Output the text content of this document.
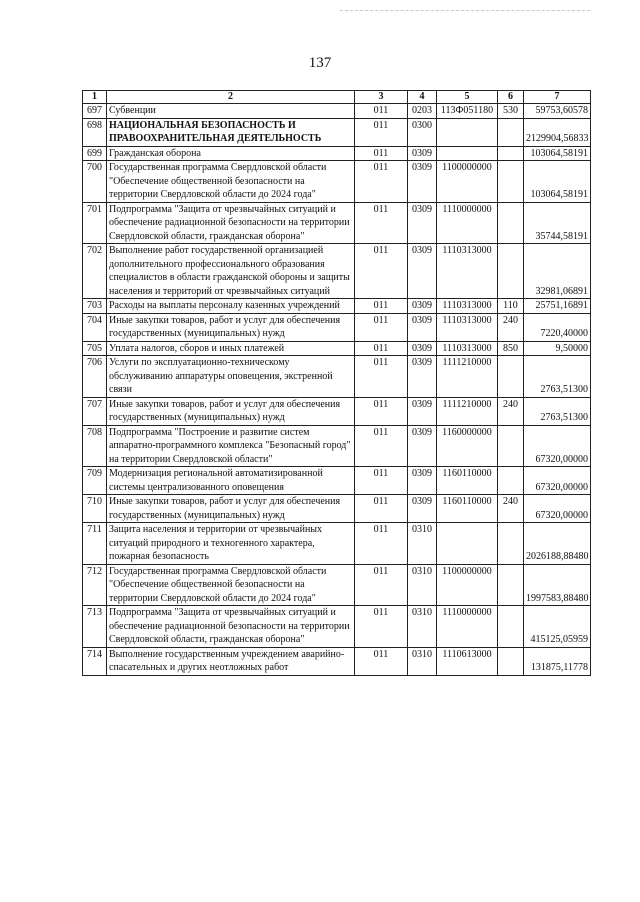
137
1	2	3	4	5	6	7
697	Субвенции	011	0203	113Ф051180	530	59753,60578
698	НАЦИОНАЛЬНАЯ БЕЗОПАСНОСТЬ И ПРАВООХРАНИТЕЛЬНАЯ ДЕЯТЕЛЬНОСТЬ	011	0300			2129904,56833
699	Гражданская оборона	011	0309			103064,58191
700	Государственная программа Свердловской области "Обеспечение общественной безопасности на территории Свердловской области до 2024 года"	011	0309	1100000000		103064,58191
701	Подпрограмма "Защита от чрезвычайных ситуаций и обеспечение радиационной безопасности на территории Свердловской области, гражданская оборона"	011	0309	1110000000		35744,58191
702	Выполнение работ государственной организацией дополнительного профессионального образования специалистов в области гражданской обороны и защиты населения и территорий от чрезвычайных ситуаций	011	0309	1110313000		32981,06891
703	Расходы на выплаты персоналу казенных учреждений	011	0309	1110313000	110	25751,16891
704	Иные закупки товаров, работ и услуг для обеспечения государственных (муниципальных) нужд	011	0309	1110313000	240	7220,40000
705	Уплата налогов, сборов и иных платежей	011	0309	1110313000	850	9,50000
706	Услуги по эксплуатационно-техническому обслуживанию аппаратуры оповещения, экстренной связи	011	0309	1111210000		2763,51300
707	Иные закупки товаров, работ и услуг для обеспечения государственных (муниципальных) нужд	011	0309	1111210000	240	2763,51300
708	Подпрограмма "Построение и развитие систем аппаратно-программного комплекса "Безопасный город" на территории Свердловской области"	011	0309	1160000000		67320,00000
709	Модернизация региональной автоматизированной системы централизованного оповещения	011	0309	1160110000		67320,00000
710	Иные закупки товаров, работ и услуг для обеспечения государственных (муниципальных) нужд	011	0309	1160110000	240	67320,00000
711	Защита населения и территории от чрезвычайных ситуаций природного и техногенного характера, пожарная безопасность	011	0310			2026188,88480
712	Государственная программа Свердловской области "Обеспечение общественной безопасности на территории Свердловской области до 2024 года"	011	0310	1100000000		1997583,88480
713	Подпрограмма "Защита от чрезвычайных ситуаций и обеспечение радиационной безопасности на территории Свердловской области, гражданская оборона"	011	0310	1110000000		415125,05959
714	Выполнение государственным учреждением аварийно-спасательных и других неотложных работ	011	0310	1110613000		131875,11778
